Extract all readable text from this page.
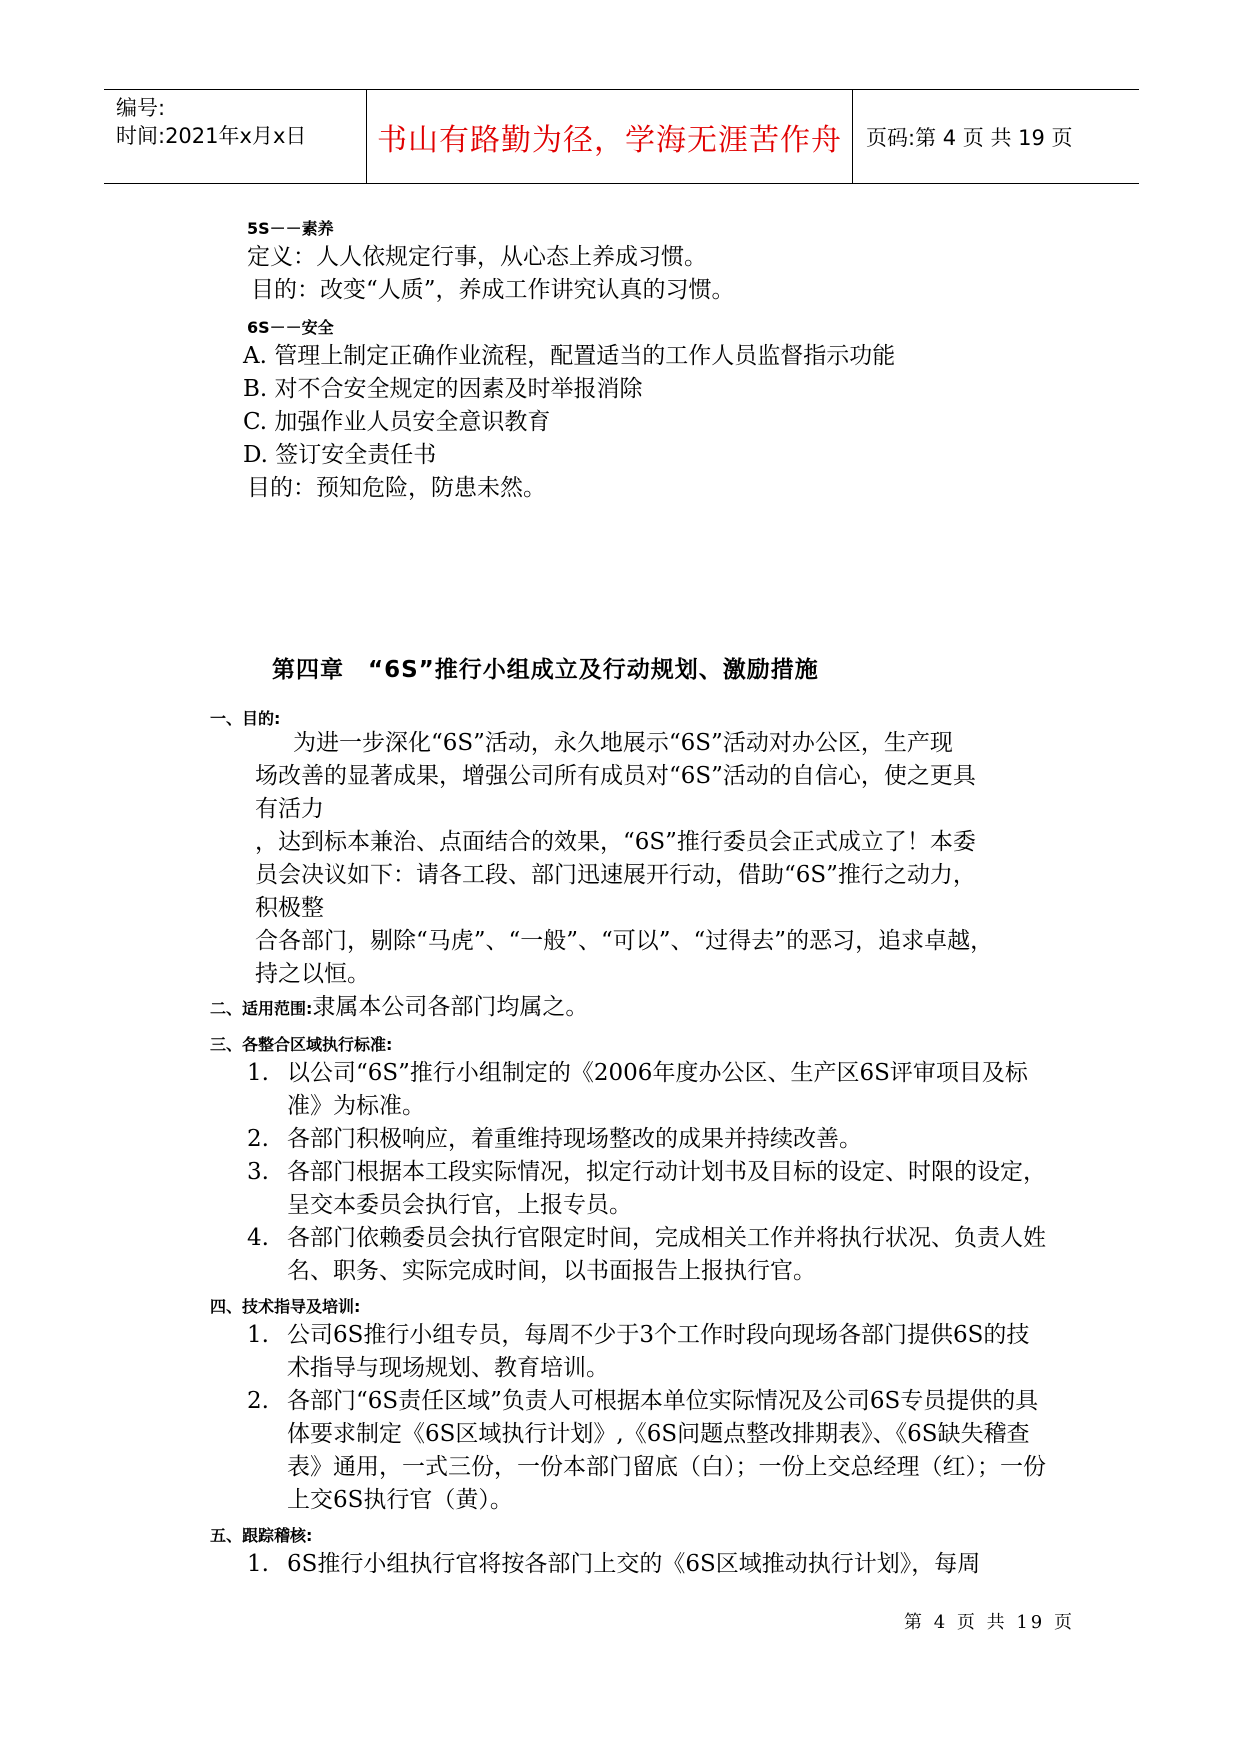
编号:
时间:2021年x月x日	书山有路勤为径，学海无涯苦作舟	页码:第 4 页 共 19 页
5S－－素养
定义：人人依规定行事，从心态上养成习惯。
目的：改变“人质”，养成工作讲究认真的习惯。
6S－－安全
A. 管理上制定正确作业流程，配置适当的工作人员监督指示功能
B. 对不合安全规定的因素及时举报消除
C. 加强作业人员安全意识教育
D. 签订安全责任书
目的：预知危险，防患未然。
第四章　“6S”推行小组成立及行动规划、激励措施
一、目的:
为进一步深化“6S”活动，永久地展示“6S”活动对办公区，生产现
场改善的显著成果，增强公司所有成员对“6S”活动的自信心，使之更具
有活力
，达到标本兼治、点面结合的效果，“6S”推行委员会正式成立了！本委
员会决议如下：请各工段、部门迅速展开行动，借助“6S”推行之动力，
积极整
合各部门，剔除“马虎”、“一般”、“可以”、“过得去”的恶习，追求卓越，
持之以恒。
二、适用范围:隶属本公司各部门均属之。
三、各整合区域执行标准:
1. 以公司“6S”推行小组制定的《2006年度办公区、生产区6S评审项目及标准》为标准。
2. 各部门积极响应，着重维持现场整改的成果并持续改善。
3. 各部门根据本工段实际情况，拟定行动计划书及目标的设定、时限的设定，呈交本委员会执行官，上报专员。
4. 各部门依赖委员会执行官限定时间，完成相关工作并将执行状况、负责人姓名、职务、实际完成时间，以书面报告上报执行官。
四、技术指导及培训:
1. 公司6S推行小组专员，每周不少于3个工作时段向现场各部门提供6S的技术指导与现场规划、教育培训。
2. 各部门“6S责任区域”负责人可根据本单位实际情况及公司6S专员提供的具体要求制定《6S区域执行计划》,《6S问题点整改排期表》、《6S缺失稽查表》通用，一式三份，一份本部门留底（白）；一份上交总经理（红）；一份上交6S执行官（黄）。
五、跟踪稽核:
1. 6S推行小组执行官将按各部门上交的《6S区域推动执行计划》，每周
第 4 页 共 19 页
